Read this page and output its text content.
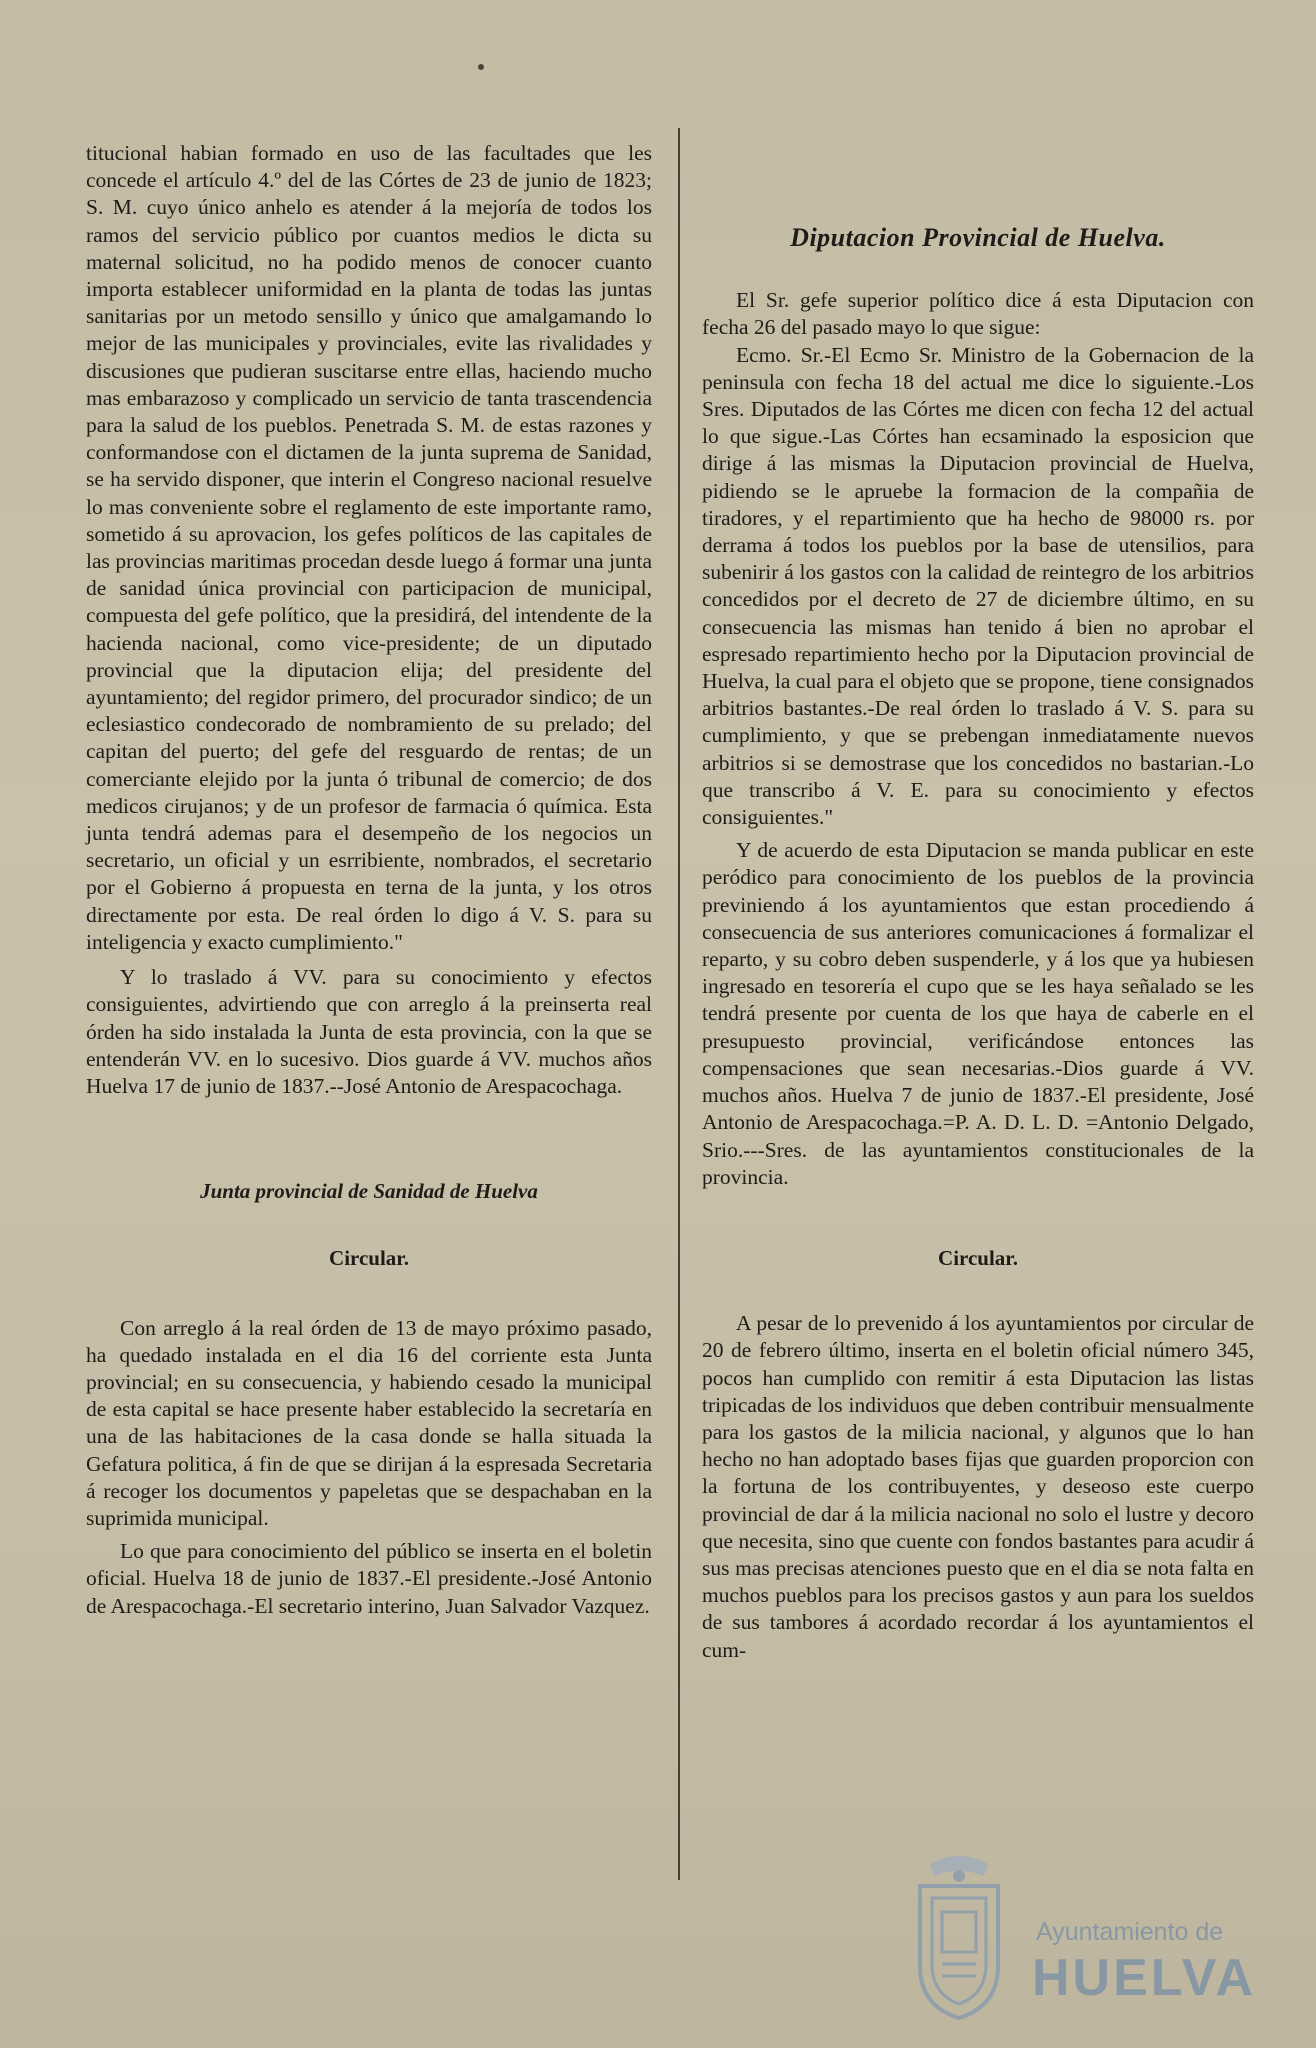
titucional habian formado en uso de las facultades que les concede el artículo 4.º del de las Córtes de 23 de junio de 1823; S. M. cuyo único anhelo es atender á la mejoría de todos los ramos del servicio público por cuantos medios le dicta su maternal solicitud, no ha podido menos de conocer cuanto importa establecer uniformidad en la planta de todas las juntas sanitarias por un metodo sensillo y único que amalgamando lo mejor de las municipales y provinciales, evite las rivalidades y discusiones que pudieran suscitarse entre ellas, haciendo mucho mas embarazoso y complicado un servicio de tanta trascendencia para la salud de los pueblos. Penetrada S. M. de estas razones y conformandose con el dictamen de la junta suprema de Sanidad, se ha servido disponer, que interin el Congreso nacional resuelve lo mas conveniente sobre el reglamento de este importante ramo, sometido á su aprovacion, los gefes políticos de las capitales de las provincias maritimas procedan desde luego á formar una junta de sanidad única provincial con participacion de municipal, compuesta del gefe político, que la presidirá, del intendente de la hacienda nacional, como vice-presidente; de un diputado provincial que la diputacion elija; del presidente del ayuntamiento; del regidor primero, del procurador sindico; de un eclesiastico condecorado de nombramiento de su prelado; del capitan del puerto; del gefe del resguardo de rentas; de un comerciante elejido por la junta ó tribunal de comercio; de dos medicos cirujanos; y de un profesor de farmacia ó química. Esta junta tendrá ademas para el desempeño de los negocios un secretario, un oficial y un esrribiente, nombrados, el secretario por el Gobierno á propuesta en terna de la junta, y los otros directamente por esta. De real órden lo digo á V. S. para su inteligencia y exacto cumplimiento."

Y lo traslado á VV. para su conocimiento y efectos consiguientes, advirtiendo que con arreglo á la preinserta real órden ha sido instalada la Junta de esta provincia, con la que se entenderán VV. en lo sucesivo. Dios guarde á VV. muchos años Huelva 17 de junio de 1837.--José Antonio de Arespacochaga.

Junta provincial de Sanidad de Huelva
Circular.

Con arreglo á la real órden de 13 de mayo próximo pasado, ha quedado instalada en el dia 16 del corriente esta Junta provincial; en su consecuencia, y habiendo cesado la municipal de esta capital se hace presente haber establecido la secretaría en una de las habitaciones de la casa donde se halla situada la Gefatura politica, á fin de que se dirijan á la espresada Secretaria á recoger los documentos y papeletas que se despachaban en la suprimida municipal.

Lo que para conocimiento del público se inserta en el boletin oficial. Huelva 18 de junio de 1837.-El presidente.-José Antonio de Arespacochaga.-El secretario interino, Juan Salvador Vazquez.

Diputacion Provincial de Huelva.

El Sr. gefe superior político dice á esta Diputacion con fecha 26 del pasado mayo lo que sigue:

Ecmo. Sr.-El Ecmo Sr. Ministro de la Gobernacion de la peninsula con fecha 18 del actual me dice lo siguiente.-Los Sres. Diputados de las Córtes me dicen con fecha 12 del actual lo que sigue.-Las Córtes han ecsaminado la esposicion que dirige á las mismas la Diputacion provincial de Huelva, pidiendo se le apruebe la formacion de la compañia de tiradores, y el repartimiento que ha hecho de 98000 rs. por derrama á todos los pueblos por la base de utensilios, para subenirir á los gastos con la calidad de reintegro de los arbitrios concedidos por el decreto de 27 de diciembre último, en su consecuencia las mismas han tenido á bien no aprobar el espresado repartimiento hecho por la Diputacion provincial de Huelva, la cual para el objeto que se propone, tiene consignados arbitrios bastantes.-De real órden lo traslado á V. S. para su cumplimiento, y que se prebengan inmediatamente nuevos arbitrios si se demostrase que los concedidos no bastarian.-Lo que transcribo á V. E. para su conocimiento y efectos consiguientes."

Y de acuerdo de esta Diputacion se manda publicar en este peródico para conocimiento de los pueblos de la provincia previniendo á los ayuntamientos que estan procediendo á consecuencia de sus anteriores comunicaciones á formalizar el reparto, y su cobro deben suspenderle, y á los que ya hubiesen ingresado en tesorería el cupo que se les haya señalado se les tendrá presente por cuenta de los que haya de caberle en el presupuesto provincial, verificándose entonces las compensaciones que sean necesarias.-Dios guarde á VV. muchos años. Huelva 7 de junio de 1837.-El presidente, José Antonio de Arespacochaga.=P. A. D. L. D. =Antonio Delgado, Srio.---Sres. de las ayuntamientos constitucionales de la provincia.

Circular.

A pesar de lo prevenido á los ayuntamientos por circular de 20 de febrero último, inserta en el boletin oficial número 345, pocos han cumplido con remitir á esta Diputacion las listas tripicadas de los individuos que deben contribuir mensualmente para los gastos de la milicia nacional, y algunos que lo han hecho no han adoptado bases fijas que guarden proporcion con la fortuna de los contribuyentes, y deseoso este cuerpo provincial de dar á la milicia nacional no solo el lustre y decoro que necesita, sino que cuente con fondos bastantes para acudir á sus mas precisas atenciones puesto que en el dia se nota falta en muchos pueblos para los precisos gastos y aun para los sueldos de sus tambores á acordado recordar á los ayuntamientos el cum-

Ayuntamiento de
HUELVA
